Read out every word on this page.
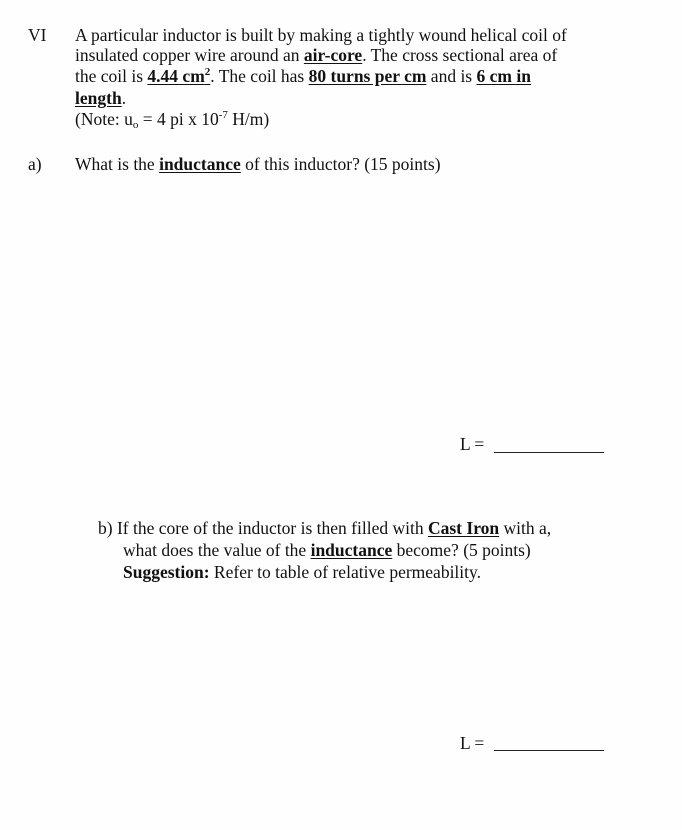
VI A particular inductor is built by making a tightly wound helical coil of
insulated copper wire around an air-core. The cross sectional area of
the coil is 4.44 $cm^2$. The coil has 80 turns per cm and is 6 cm in
length.
(Note: $u_o = 4$ pi x $10^{-7}$ H/m)
a) What is the inductance of this inductor? (15 points)
L =
b) If the core of the inductor is then filled with Cast Iron with a,
what does the value of the inductance become? (5 points)
Suggestion: Refer to table of relative permeability.
L =
